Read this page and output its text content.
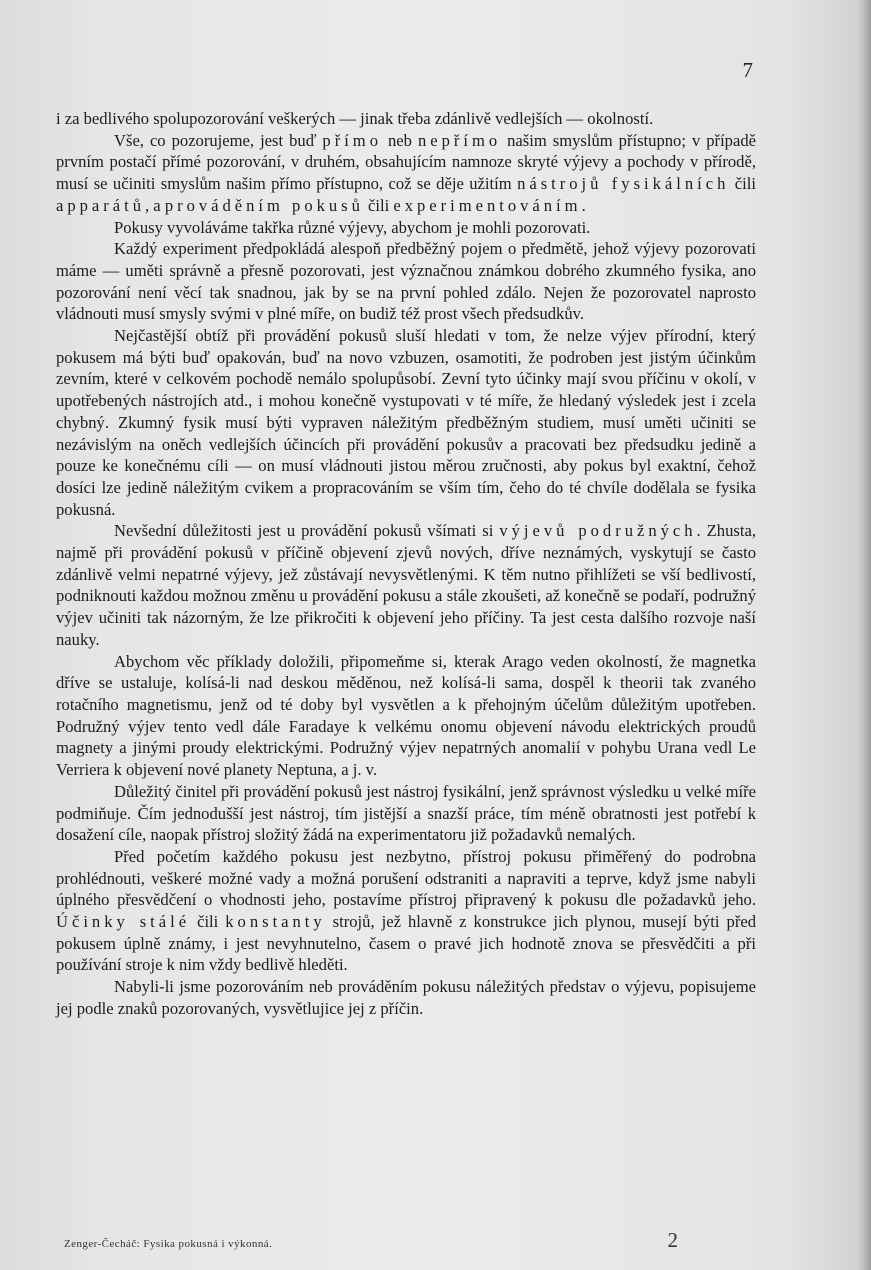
7

i za bedlivého spolupozorování veškerých — jinak třeba zdánlivě vedlejších — okolností.

Vše, co pozorujeme, jest buď přímo neb nepřímo našim smyslům přístupno; v případě prvním postačí přímé pozorování, v druhém, obsahujícím namnoze skryté výjevy a pochody v přírodě, musí se učiniti smyslům našim přímo přístupno, což se děje užitím nástrojů fysikálních čili apparátů, a prováděním pokusů čili experimentováním.

Pokusy vyvoláváme takřka různé výjevy, abychom je mohli pozorovati.

Každý experiment předpokládá alespoň předběžný pojem o předmětě, jehož výjevy pozorovati máme — uměti správně a přesně pozorovati, jest význačnou známkou dobrého zkumného fysika, ano pozorování není věcí tak snadnou, jak by se na první pohled zdálo. Nejen že pozorovatel naprosto vládnouti musí smysly svými v plné míře, on budiž též prost všech předsudkův.

Nejčastější obtíž při provádění pokusů sluší hledati v tom, že nelze výjev přírodní, který pokusem má býti buď opakován, buď na novo vzbuzen, osamotiti, že podroben jest jistým účinkům zevním, které v celkovém pochodě nemálo spolupůsobí. Zevní tyto účinky mají svou příčinu v okolí, v upotřebených nástrojích atd., i mohou konečně vystupovati v té míře, že hledaný výsledek jest i zcela chybný. Zkumný fysik musí býti vypraven náležitým předběžným studiem, musí uměti učiniti se nezávislým na oněch vedlejších účincích při provádění pokusův a pracovati bez předsudku jedině a pouze ke konečnému cíli — on musí vládnouti jistou měrou zručnosti, aby pokus byl exaktní, čehož dosíci lze jedině náležitým cvikem a propracováním se vším tím, čeho do té chvíle dodělala se fysika pokusná.

Nevšední důležitosti jest u provádění pokusů všímati si výjevů podružných. Zhusta, najmě při provádění pokusů v příčině objevení zjevů nových, dříve neznámých, vyskytují se často zdánlivě velmi nepatrné výjevy, jež zůstávají nevysvětlenými. K těm nutno přihlížeti se vší bedlivostí, podniknouti každou možnou změnu u provádění pokusu a stále zkoušeti, až konečně se podaří, podružný výjev učiniti tak názorným, že lze přikročiti k objevení jeho příčiny. Ta jest cesta dalšího rozvoje naší nauky.

Abychom věc příklady doložili, připomeňme si, kterak Arago veden okolností, že magnetka dříve se ustaluje, kolísá-li nad deskou měděnou, než kolísá-li sama, dospěl k theorii tak zvaného rotačního magnetismu, jenž od té doby byl vysvětlen a k přehojným účelům důležitým upotřeben. Podružný výjev tento vedl dále Faradaye k velkému onomu objevení návodu elektrických proudů magnety a jinými proudy elektrickými. Podružný výjev nepatrných anomalií v pohybu Urana vedl Le Verriera k objevení nové planety Neptuna, a j. v.

Důležitý činitel při provádění pokusů jest nástroj fysikální, jenž správnost výsledku u velké míře podmiňuje. Čím jednodušší jest nástroj, tím jistější a snazší práce, tím méně obratnosti jest potřebí k dosažení cíle, naopak přístroj složitý žádá na experimentatoru již požadavků nemalých.

Před početím každého pokusu jest nezbytno, přístroj pokusu přiměřený do podrobna prohlédnouti, veškeré možné vady a možná porušení odstraniti a napraviti a teprve, když jsme nabyli úplného přesvědčení o vhodnosti jeho, postavíme přístroj připravený k pokusu dle požadavků jeho. Účinky stálé čili konstanty strojů, jež hlavně z konstrukce jich plynou, musejí býti před pokusem úplně známy, i jest nevyhnutelno, časem o pravé jich hodnotě znova se přesvědčiti a při používání stroje k nim vždy bedlivě hleděti.

Nabyli-li jsme pozorováním neb prováděním pokusu náležitých představ o výjevu, popisujeme jej podle znaků pozorovaných, vysvětlujice jej z příčin.

Zenger-Čecháč: Fysika pokusná i výkonná.	2
